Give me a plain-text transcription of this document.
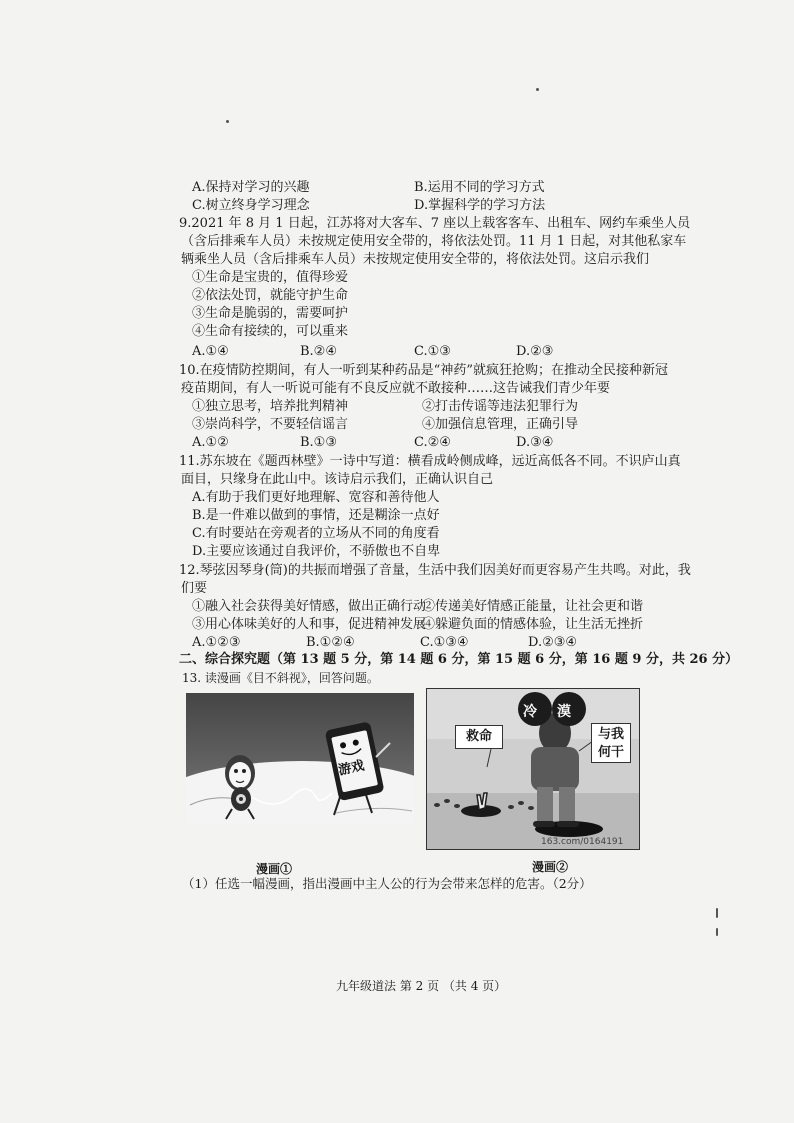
A.保持对学习的兴趣	B.运用不同的学习方式
C.树立终身学习理念	D.掌握科学的学习方法
9.2021 年 8 月 1 日起，江苏将对大客车、7 座以上载客客车、出租车、网约车乘坐人员
（含后排乘车人员）未按规定使用安全带的，将依法处罚。11 月 1 日起，对其他私家车
辆乘坐人员（含后排乘车人员）未按规定使用安全带的，将依法处罚。这启示我们
①生命是宝贵的，值得珍爱
②依法处罚，就能守护生命
③生命是脆弱的，需要呵护
④生命有接续的，可以重来
A.①④	B.②④	C.①③	D.②③
10.在疫情防控期间，有人一听到某种药品是“神药”就疯狂抢购；在推动全民接种新冠
疫苗期间，有人一听说可能有不良反应就不敢接种……这告诫我们青少年要
①独立思考，培养批判精神	②打击传谣等违法犯罪行为
③崇尚科学，不要轻信谣言	④加强信息管理，正确引导
A.①②	B.①③	C.②④	D.③④
11.苏东坡在《题西林壁》一诗中写道：横看成岭侧成峰，远近高低各不同。不识庐山真
面目，只缘身在此山中。该诗启示我们，正确认识自己
A.有助于我们更好地理解、宽容和善待他人
B.是一件难以做到的事情，还是糊涂一点好
C.有时要站在旁观者的立场从不同的角度看
D.主要应该通过自我评价，不骄傲也不自卑
12.琴弦因琴身(筒)的共振而增强了音量，生活中我们因美好而更容易产生共鸣。对此，我
们要
①融入社会获得美好情感，做出正确行动
②传递美好情感正能量，让社会更和谐
③用心体味美好的人和事，促进精神发展
④躲避负面的情感体验，让生活无挫折
A.①②③	B.①②④	C.①③④	D.②③④
二、综合探究题（第 13 题 5 分，第 14 题 6 分，第 15 题 6 分，第 16 题 9 分，共 26 分）
13. 读漫画《目不斜视》，回答问题。
游戏
漫画①
冷 漠
救命	与我
何干
163.com/0164191
漫画②
（1）任选一幅漫画，指出漫画中主人公的行为会带来怎样的危害。（2分）
九年级道法 第 2 页 （共 4 页）
